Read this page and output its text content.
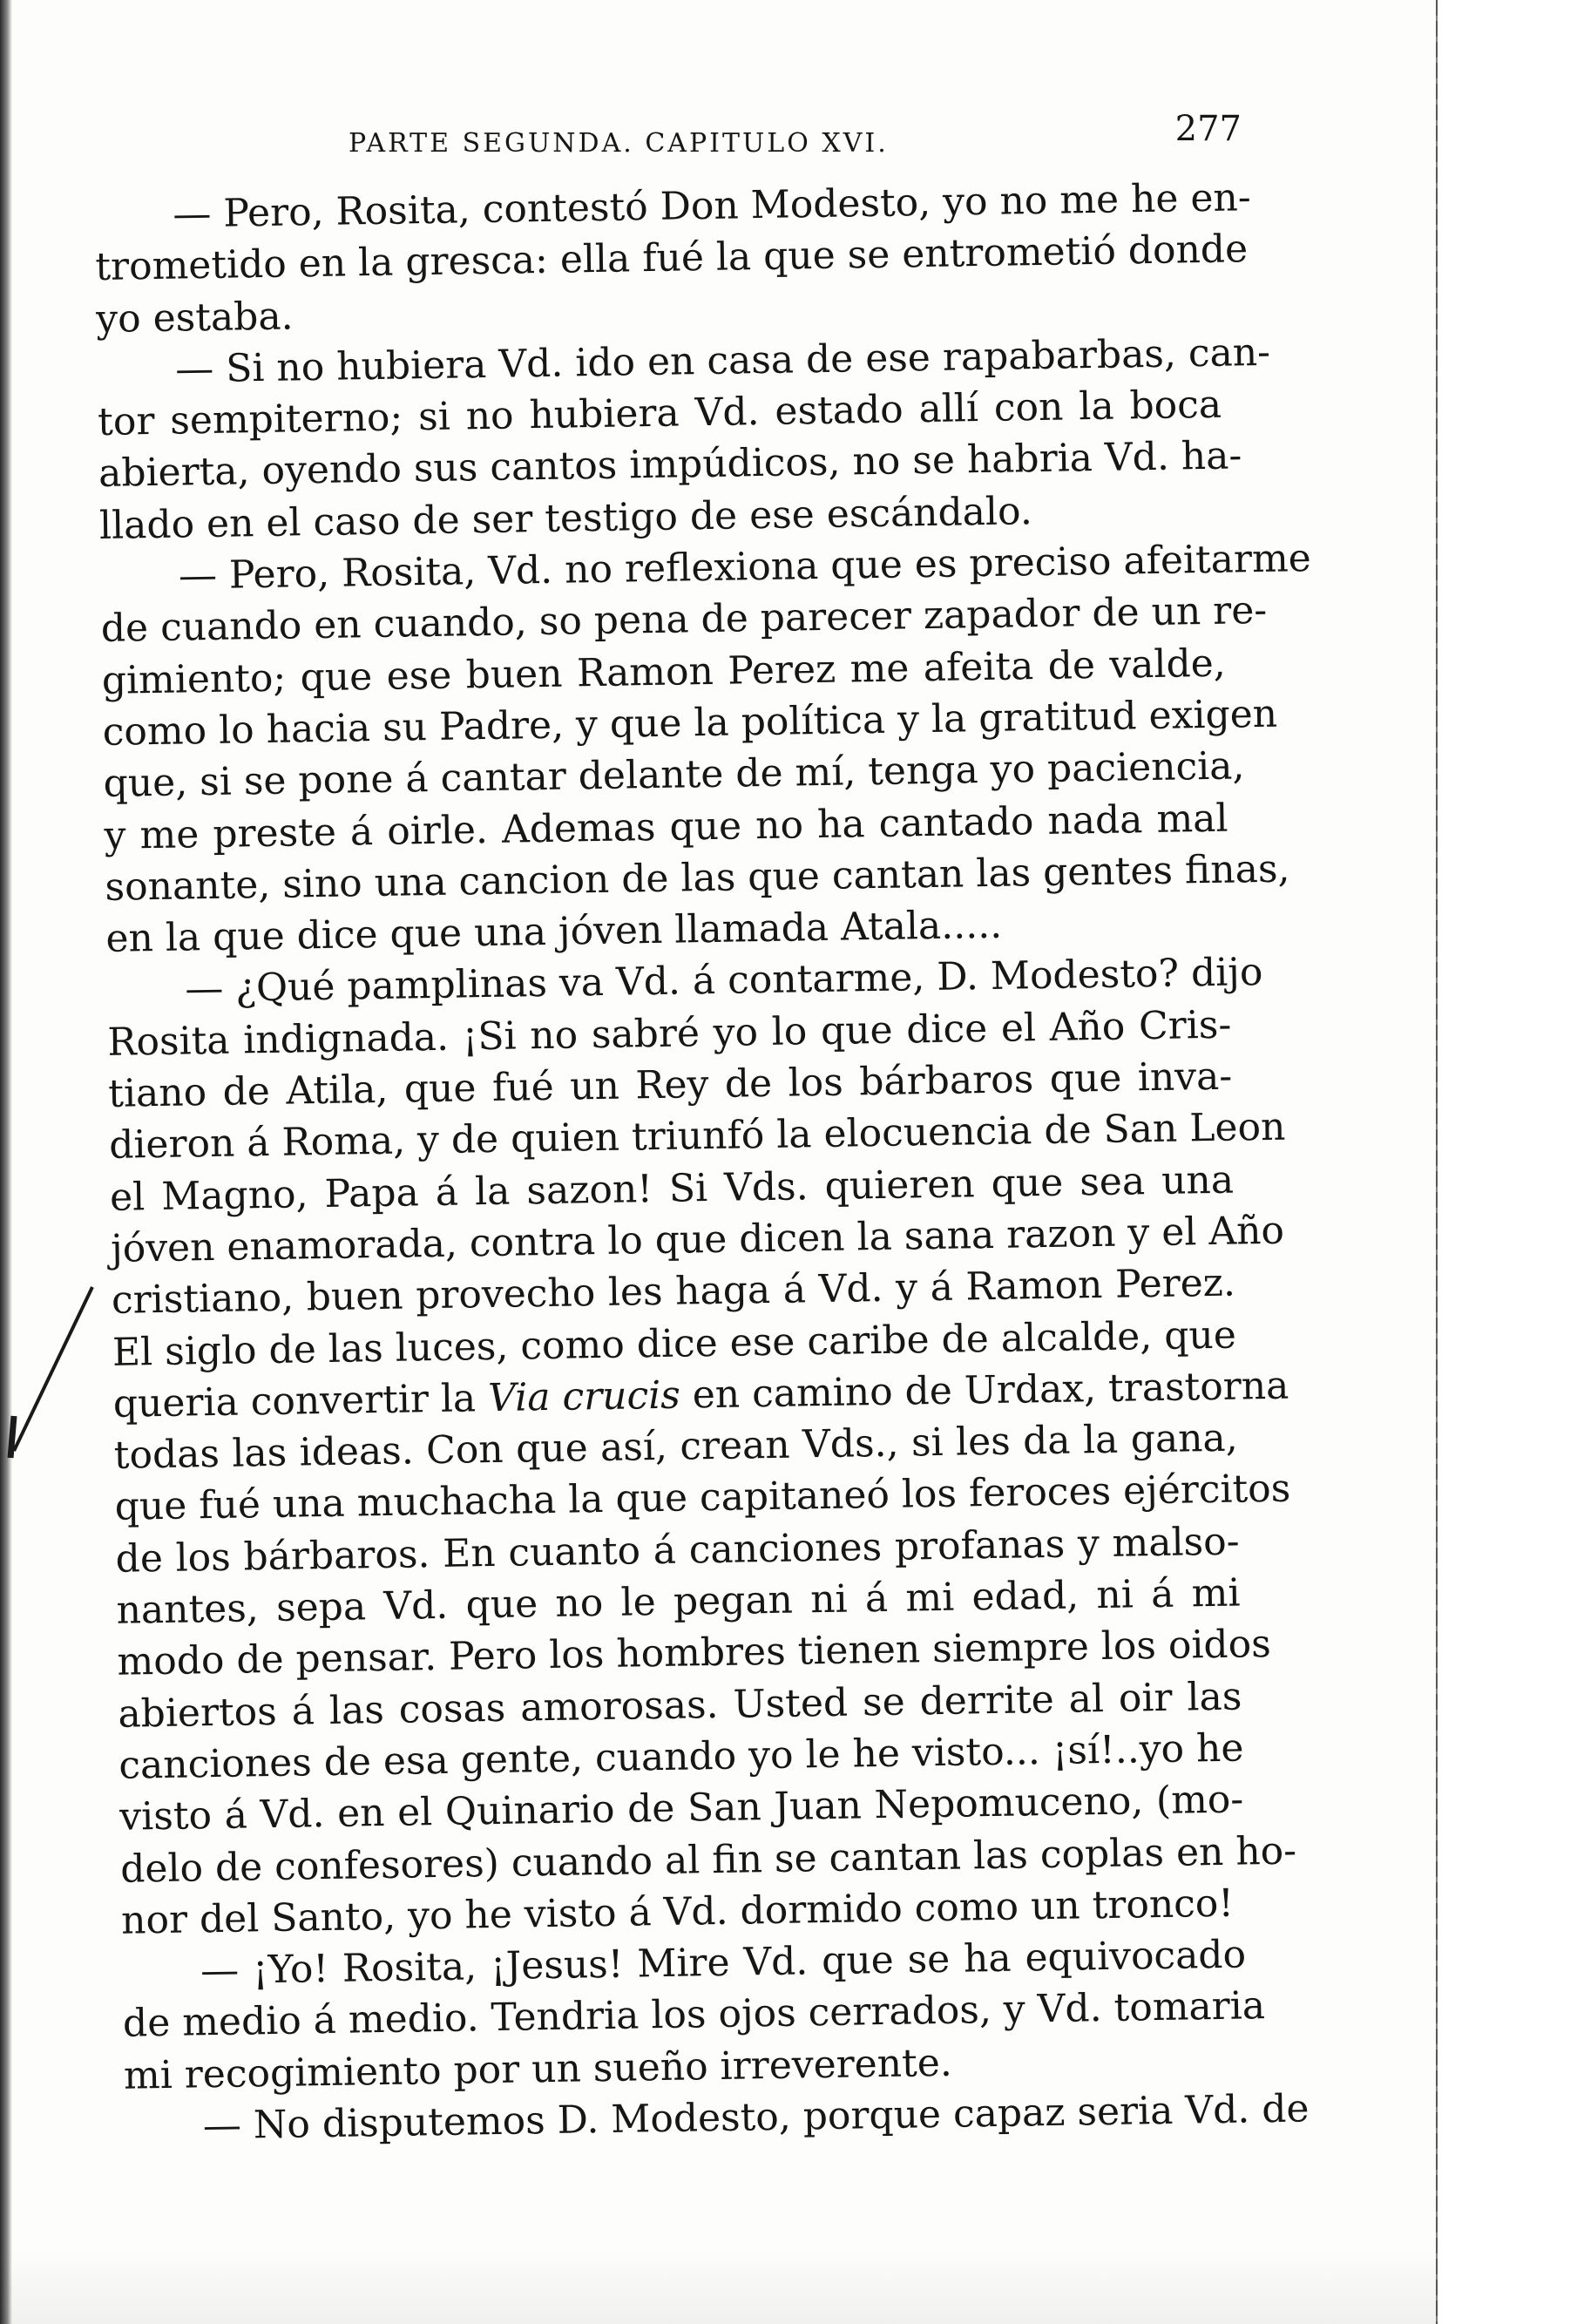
PARTE SEGUNDA. CAPITULO XVI.	277
— Pero, Rosita, contestó Don Modesto, yo no me he en-
trometido en la gresca: ella fué la que se entrometió donde
yo estaba.
— Si no hubiera Vd. ido en casa de ese rapabarbas, can-
tor sempiterno; si no hubiera Vd. estado allí con la boca
abierta, oyendo sus cantos impúdicos, no se habria Vd. ha-
llado en el caso de ser testigo de ese escándalo.
— Pero, Rosita, Vd. no reflexiona que es preciso afeitarme
de cuando en cuando, so pena de parecer zapador de un re-
gimiento; que ese buen Ramon Perez me afeita de valde,
como lo hacia su Padre, y que la política y la gratitud exigen
que, si se pone á cantar delante de mí, tenga yo paciencia,
y me preste á oirle. Ademas que no ha cantado nada mal
sonante, sino una cancion de las que cantan las gentes finas,
en la que dice que una jóven llamada Atala.....
— ¿Qué pamplinas va Vd. á contarme, D. Modesto? dijo
Rosita indignada. ¡Si no sabré yo lo que dice el Año Cris-
tiano de Atila, que fué un Rey de los bárbaros que inva-
dieron á Roma, y de quien triunfó la elocuencia de San Leon
el Magno, Papa á la sazon! Si Vds. quieren que sea una
jóven enamorada, contra lo que dicen la sana razon y el Año
cristiano, buen provecho les haga á Vd. y á Ramon Perez.
El siglo de las luces, como dice ese caribe de alcalde, que
queria convertir la Via crucis en camino de Urdax, trastorna
todas las ideas. Con que así, crean Vds., si les da la gana,
que fué una muchacha la que capitaneó los feroces ejércitos
de los bárbaros. En cuanto á canciones profanas y malso-
nantes, sepa Vd. que no le pegan ni á mi edad, ni á mi
modo de pensar. Pero los hombres tienen siempre los oidos
abiertos á las cosas amorosas. Usted se derrite al oir las
canciones de esa gente, cuando yo le he visto... ¡sí!..yo he
visto á Vd. en el Quinario de San Juan Nepomuceno, (mo-
delo de confesores) cuando al fin se cantan las coplas en ho-
nor del Santo, yo he visto á Vd. dormido como un tronco!
— ¡Yo! Rosita, ¡Jesus! Mire Vd. que se ha equivocado
de medio á medio. Tendria los ojos cerrados, y Vd. tomaria
mi recogimiento por un sueño irreverente.
— No disputemos D. Modesto, porque capaz seria Vd. de
